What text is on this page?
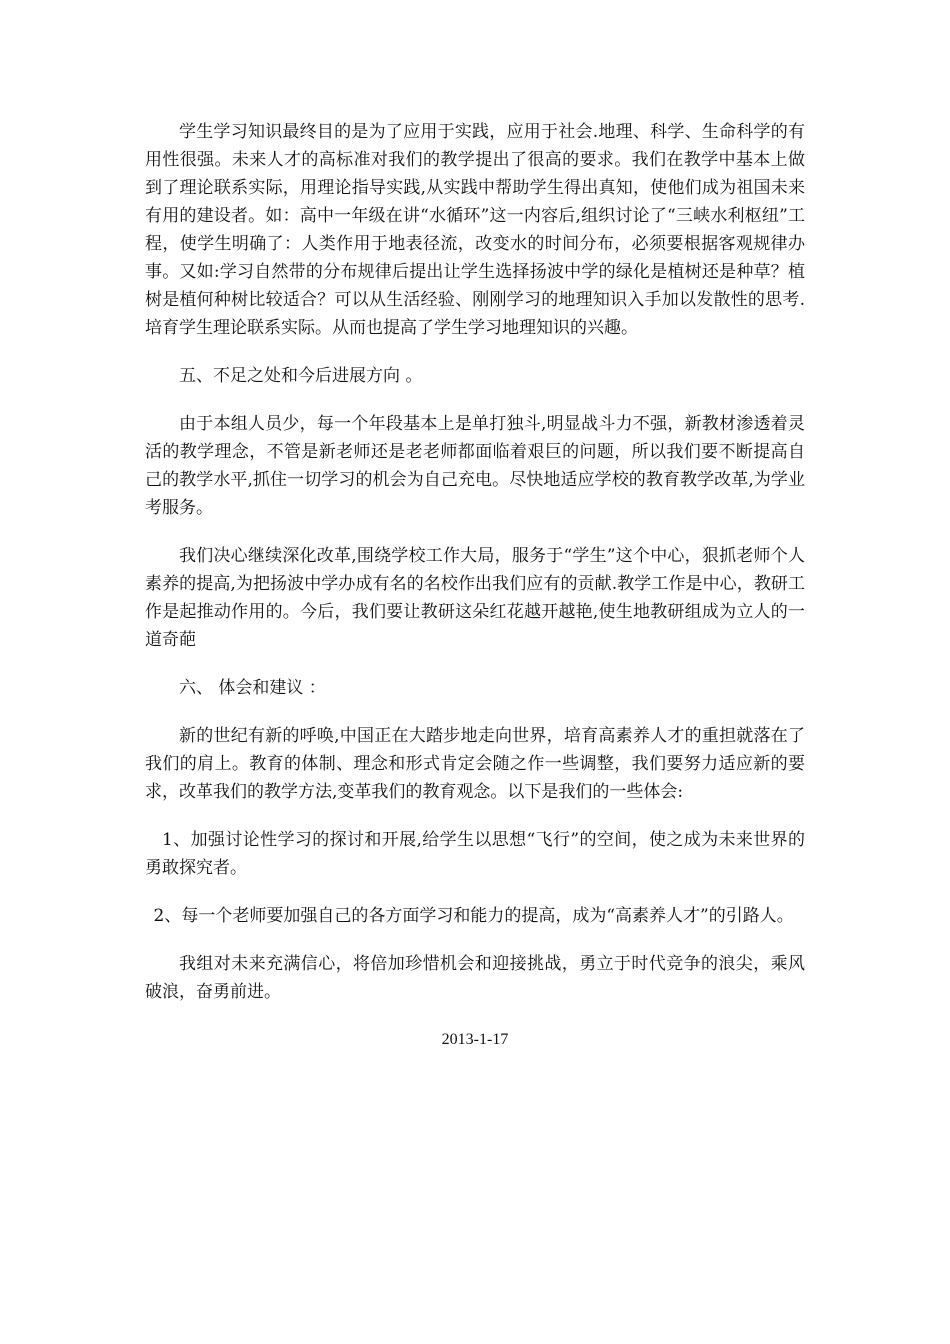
学生学习知识最终目的是为了应用于实践，应用于社会.地理、科学、生命科学的有用性很强。未来人才的高标准对我们的教学提出了很高的要求。我们在教学中基本上做到了理论联系实际，用理论指导实践,从实践中帮助学生得出真知，使他们成为祖国未来有用的建设者。如：高中一年级在讲“水循环”这一内容后,组织讨论了“三峡水利枢纽”工程，使学生明确了：人类作用于地表径流，改变水的时间分布，必须要根据客观规律办事。又如:学习自然带的分布规律后提出让学生选择扬波中学的绿化是植树还是种草？植树是植何种树比较适合？可以从生活经验、刚刚学习的地理知识入手加以发散性的思考.培育学生理论联系实际。从而也提高了学生学习地理知识的兴趣。

五、不足之处和今后进展方向 。

由于本组人员少，每一个年段基本上是单打独斗,明显战斗力不强，新教材渗透着灵活的教学理念，不管是新老师还是老老师都面临着艰巨的问题，所以我们要不断提高自己的教学水平,抓住一切学习的机会为自己充电。尽快地适应学校的教育教学改革,为学业考服务。

我们决心继续深化改革,围绕学校工作大局，服务于“学生”这个中心，狠抓老师个人素养的提高,为把扬波中学办成有名的名校作出我们应有的贡献.教学工作是中心，教研工作是起推动作用的。今后，我们要让教研这朵红花越开越艳,使生地教研组成为立人的一道奇葩

六、 体会和建议 ：

新的世纪有新的呼唤,中国正在大踏步地走向世界，培育高素养人才的重担就落在了我们的肩上。教育的体制、理念和形式肯定会随之作一些调整，我们要努力适应新的要求，改革我们的教学方法,变革我们的教育观念。以下是我们的一些体会:

1、加强讨论性学习的探讨和开展,给学生以思想“飞行”的空间，使之成为未来世界的勇敢探究者。

2、每一个老师要加强自己的各方面学习和能力的提高，成为“高素养人才”的引路人。

我组对未来充满信心，将倍加珍惜机会和迎接挑战，勇立于时代竞争的浪尖，乘风破浪，奋勇前进。

2013-1-17
